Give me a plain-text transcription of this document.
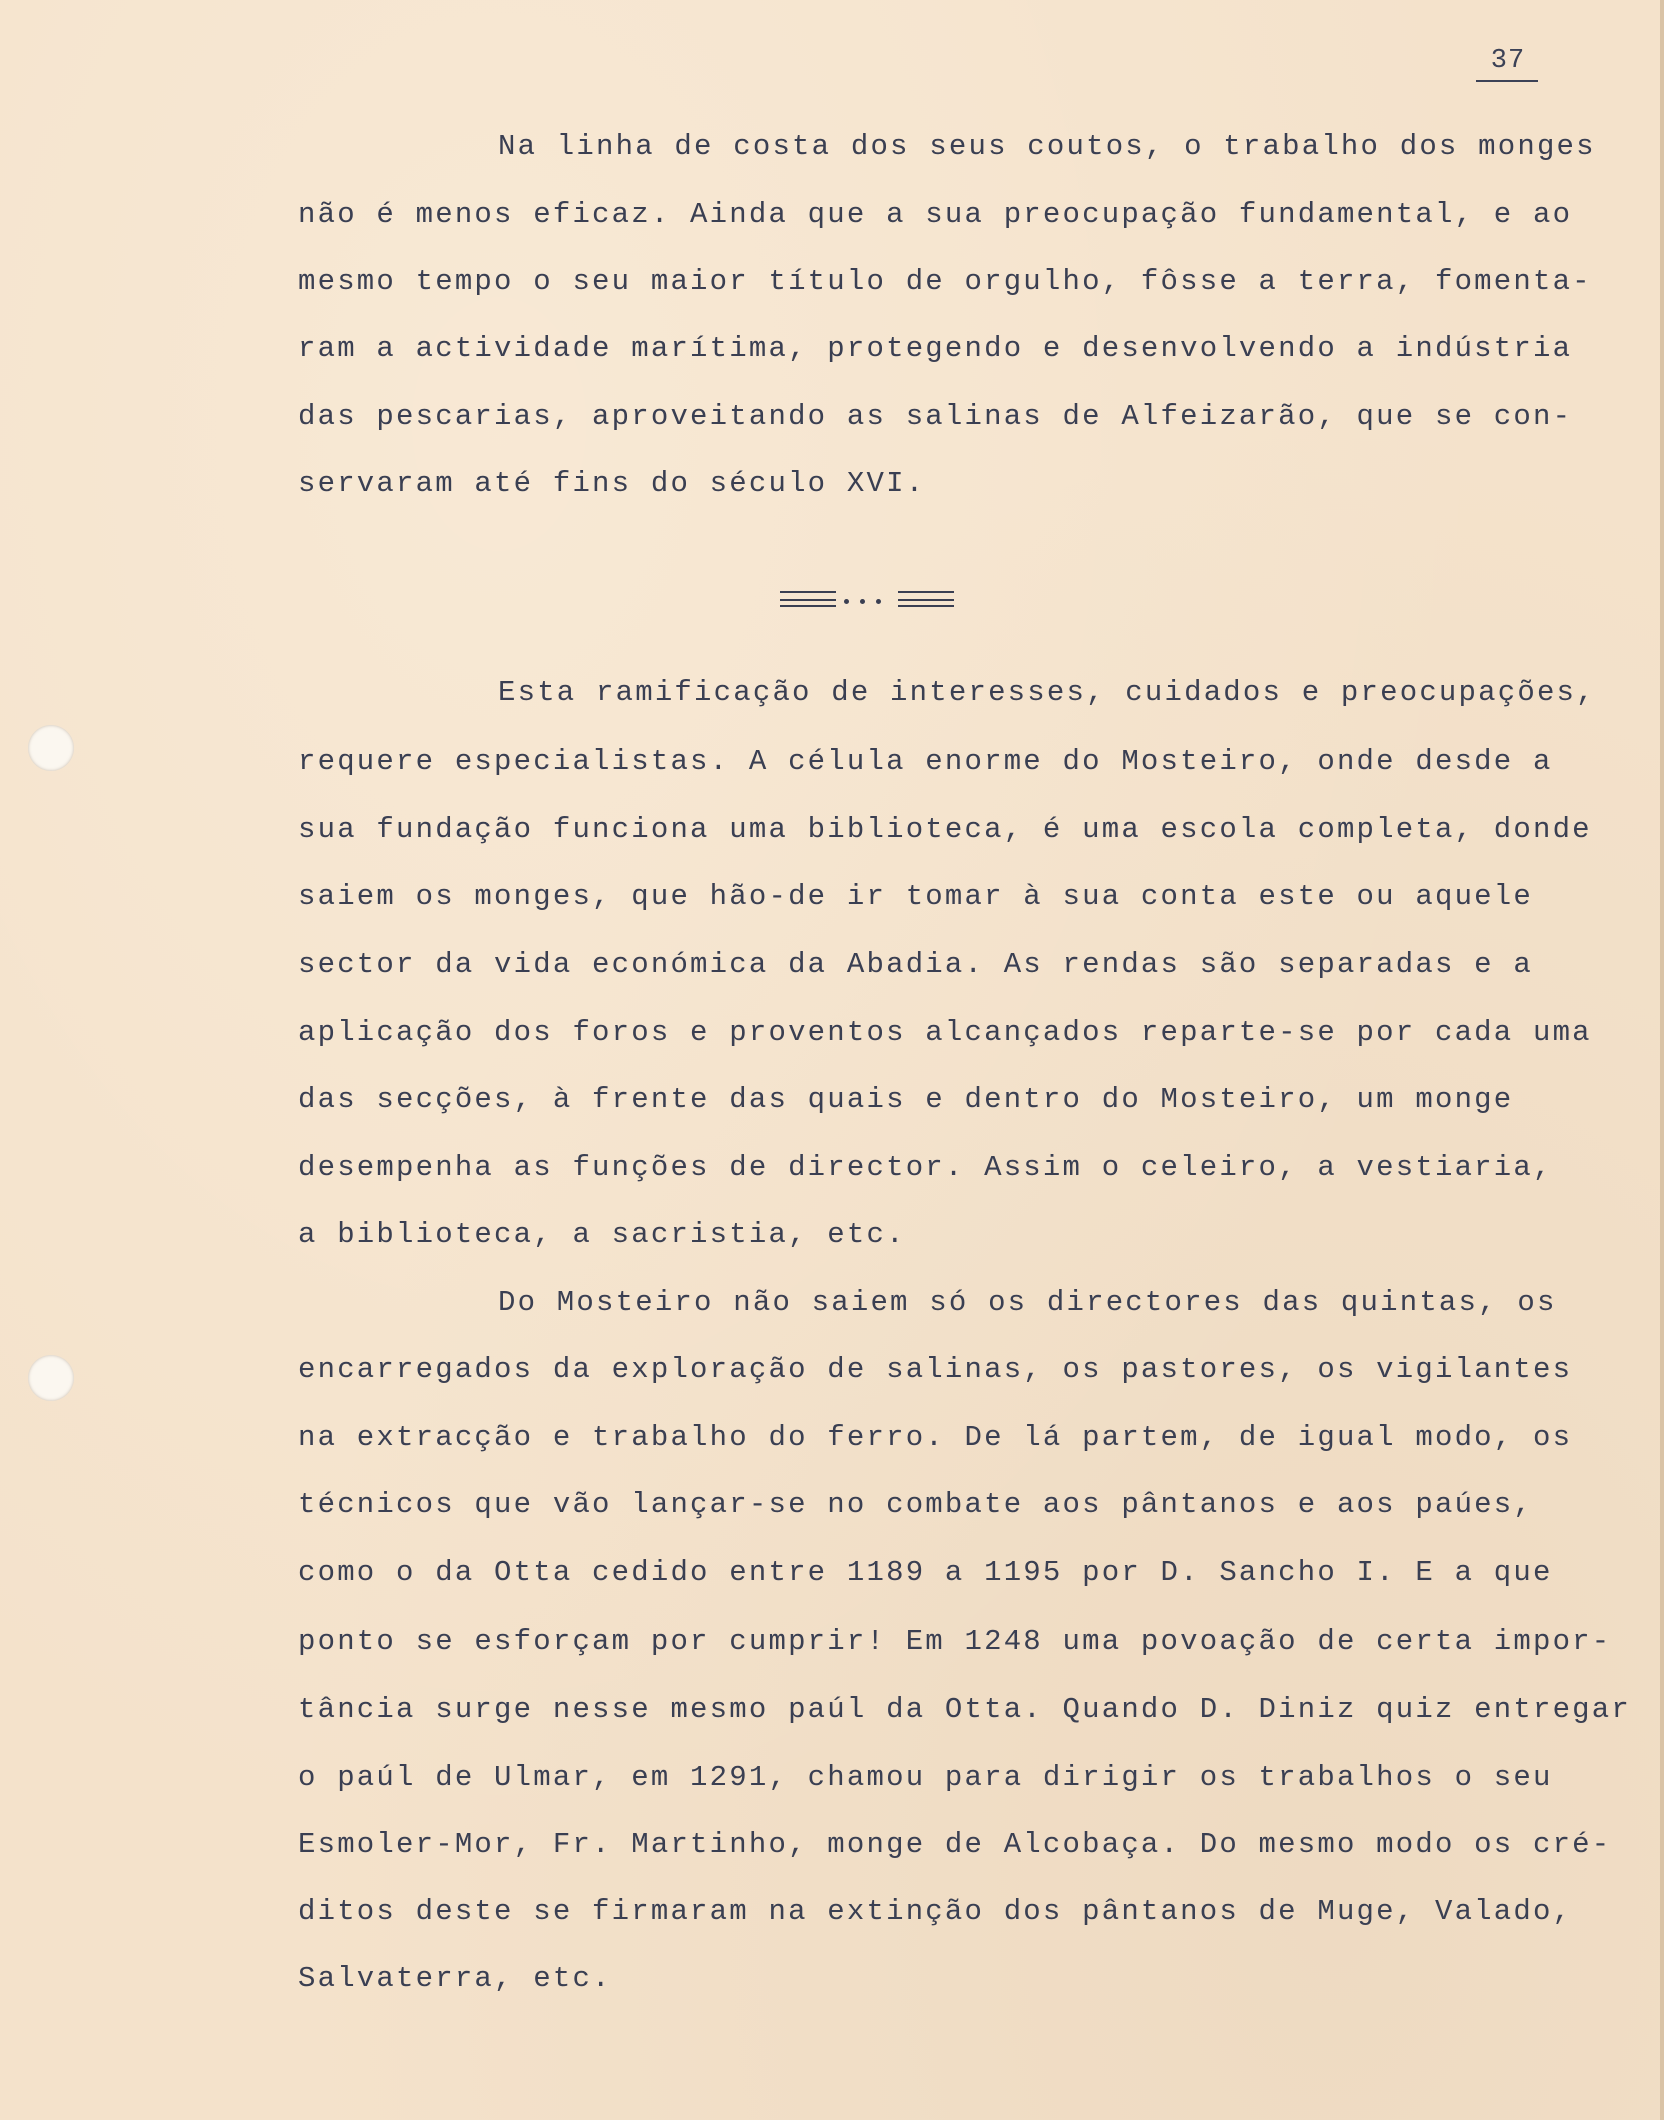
37
Na linha de costa dos seus coutos, o trabalho dos monges
não é menos eficaz. Ainda que a sua preocupação fundamental, e ao
mesmo tempo o seu maior título de orgulho, fôsse a terra, fomenta-
ram a actividade marítima, protegendo e desenvolvendo a indústria
das pescarias, aproveitando as salinas de Alfeizarão, que se con-
servaram até fins do século XVI.
Esta ramificação de interesses, cuidados e preocupações,
requere especialistas. A célula enorme do Mosteiro, onde desde a
sua fundação funciona uma biblioteca, é uma escola completa, donde
saiem os monges, que hão-de ir tomar à sua conta este ou aquele
sector da vida económica da Abadia. As rendas são separadas e a
aplicação dos foros e proventos alcançados reparte-se por cada uma
das secções, à frente das quais e dentro do Mosteiro, um monge
desempenha as funções de director. Assim o celeiro, a vestiaria,
a biblioteca, a sacristia, etc.
Do Mosteiro não saiem só os directores das quintas, os
encarregados da exploração de salinas, os pastores, os vigilantes
na extracção e trabalho do ferro. De lá partem, de igual modo, os
técnicos que vão lançar-se no combate aos pântanos e aos paúes,
como o da Otta cedido entre 1189 a 1195 por D. Sancho I. E a que
ponto se esforçam por cumprir! Em 1248 uma povoação de certa impor-
tância surge nesse mesmo paúl da Otta. Quando D. Diniz quiz entregar
o paúl de Ulmar, em 1291, chamou para dirigir os trabalhos o seu
Esmoler-Mor, Fr. Martinho, monge de Alcobaça. Do mesmo modo os cré-
ditos deste se firmaram na extinção dos pântanos de Muge, Valado,
Salvaterra, etc.
